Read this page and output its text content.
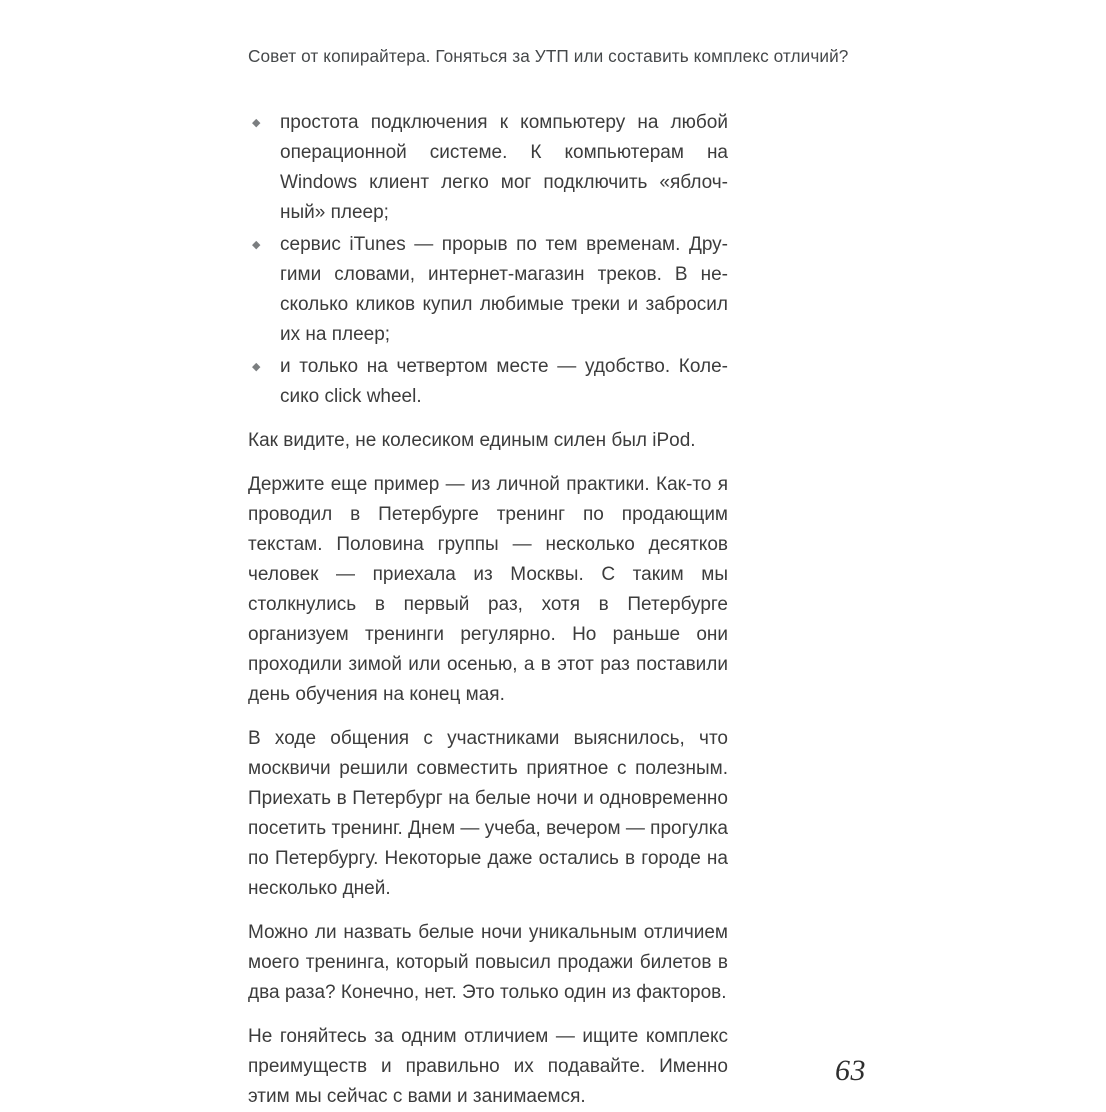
Совет от копирайтера. Гоняться за УТП или составить комплекс отличий?
◆ простота подключения к компьютеру на любой операционной системе. К компьютерам на Windows клиент легко мог подключить «яблочный» плеер;
◆ сервис iTunes — прорыв по тем временам. Другими словами, интернет-магазин треков. В несколько кликов купил любимые треки и забросил их на плеер;
◆ и только на четвертом месте — удобство. Колесико click wheel.

Как видите, не колесиком единым силен был iPod.

Держите еще пример — из личной практики. Как-то я проводил в Петербурге тренинг по продающим текстам. Половина группы — несколько десятков человек — приехала из Москвы. С таким мы столкнулись в первый раз, хотя в Петербурге организуем тренинги регулярно. Но раньше они проходили зимой или осенью, а в этот раз поставили день обучения на конец мая.

В ходе общения с участниками выяснилось, что москвичи решили совместить приятное с полезным. Приехать в Петербург на белые ночи и одновременно посетить тренинг. Днем — учеба, вечером — прогулка по Петербургу. Некоторые даже остались в городе на несколько дней.

Можно ли назвать белые ночи уникальным отличием моего тренинга, который повысил продажи билетов в два раза? Конечно, нет. Это только один из факторов.

Не гоняйтесь за одним отличием — ищите комплекс преимуществ и правильно их подавайте. Именно этим мы сейчас с вами и занимаемся.

63
